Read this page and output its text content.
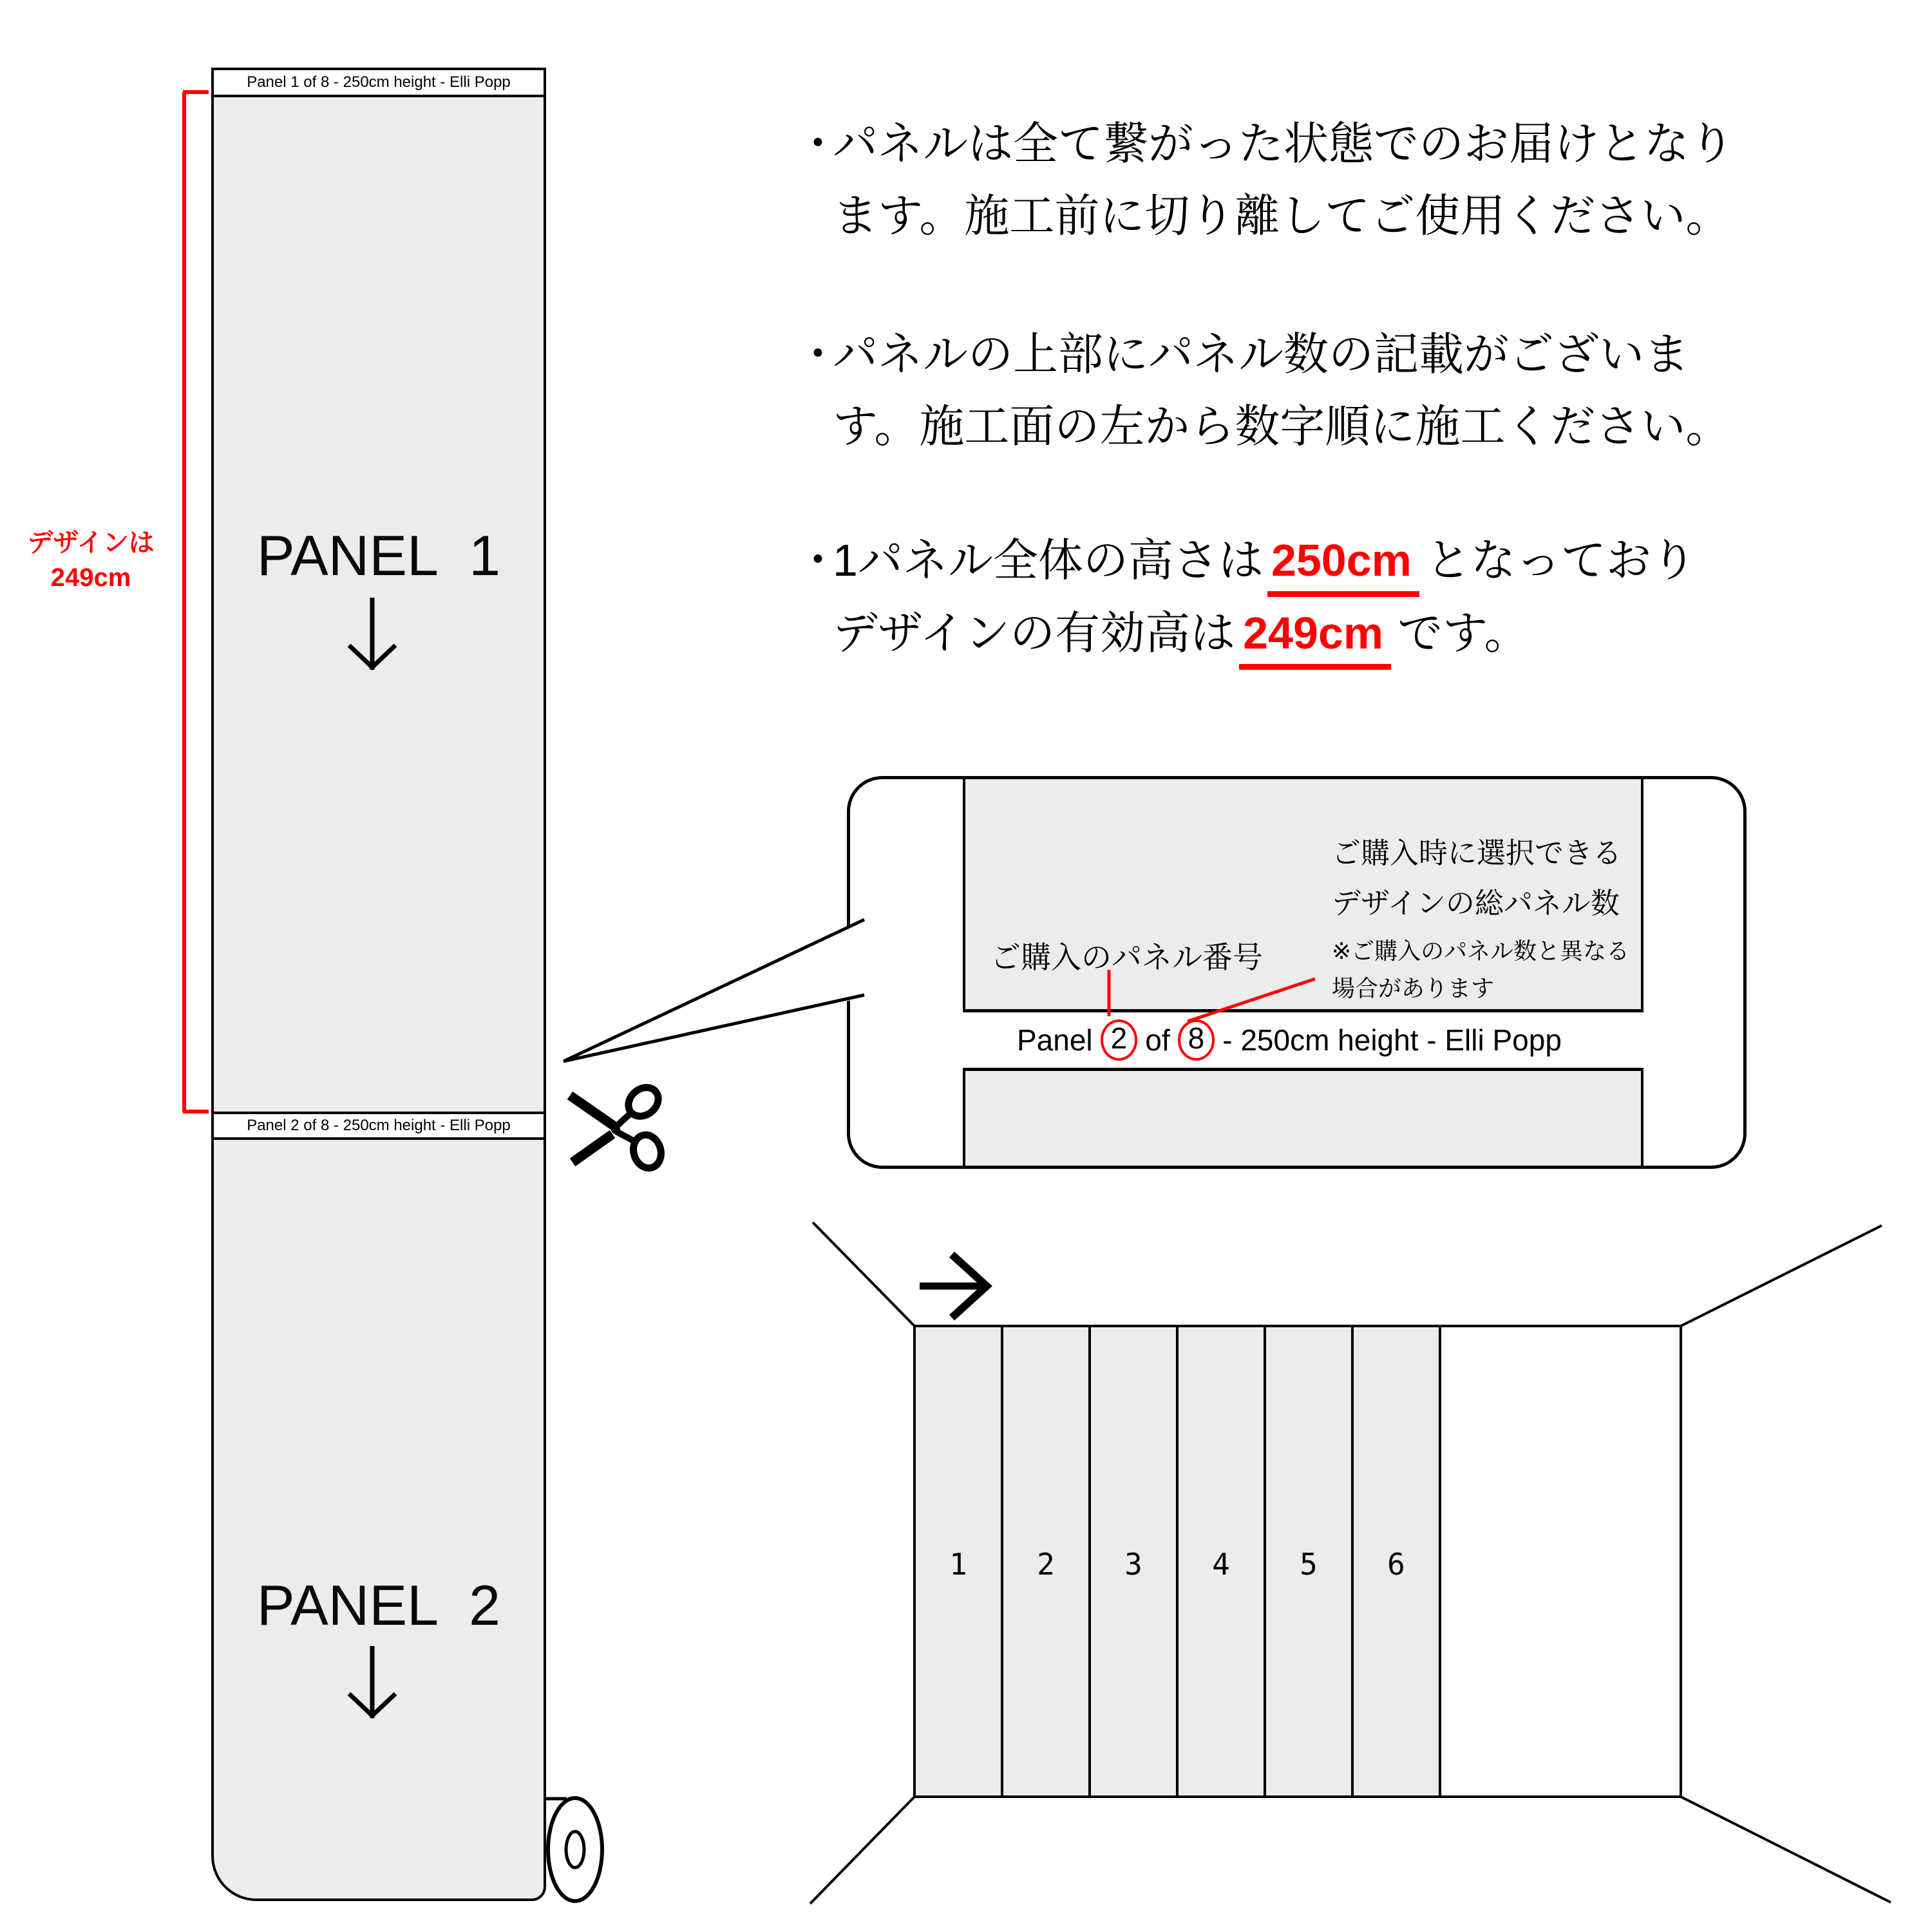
Panel 1 of 8 - 250cm height - Elli Popp
Panel 2 of 8 - 250cm height - Elli Popp
PANEL 1
PANEL 2
デザインは
249cm
・パネルは全て繋がった状態でのお届けとなり
ます。施工前に切り離してご使用ください。
・パネルの上部にパネル数の記載がございま
す。施工面の左から数字順に施工ください。
・1パネル全体の高さは 250cm となっており
デザインの有効高は 249cm です。
ご購入時に選択できる
デザインの総パネル数
※ご購入のパネル数と異なる
場合があります
ご購入のパネル番号
Panel 2 of 8 - 250cm height - Elli Popp
1 2 3 4 5 6
